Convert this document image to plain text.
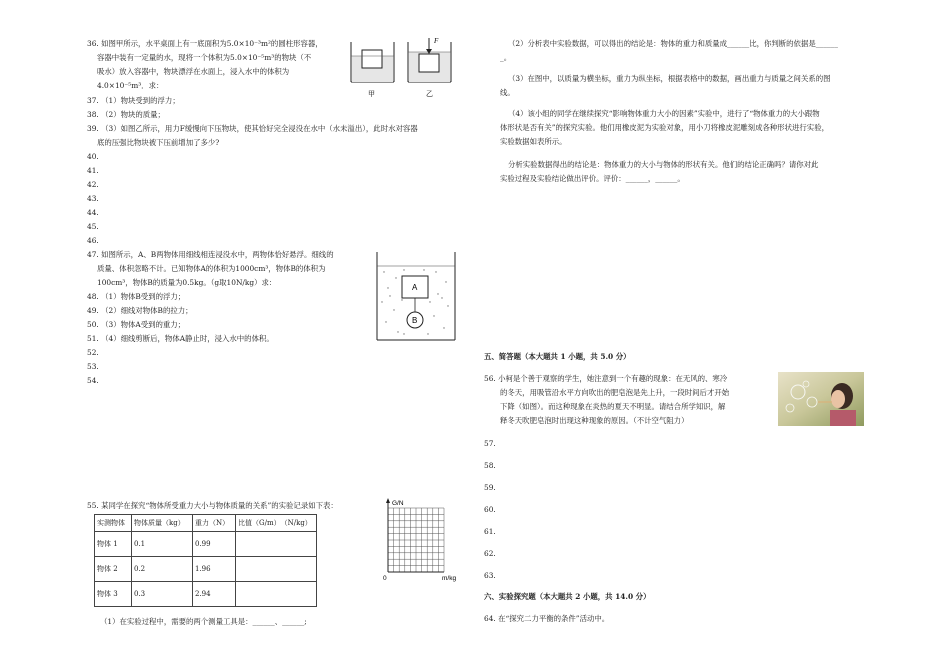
36. 如图甲所示，水平桌面上有一底面积为5.0×10⁻³m²的圆柱形容器，
容器中装有一定量的水，现将一个体积为5.0×10⁻⁵m³的物块（不
吸水）放入容器中，物块漂浮在水面上，浸入水中的体积为
4.0×10⁻⁵m³．求：
F
甲	乙
37. （1）物块受到的浮力；
38. （2）物块的质量；
39. （3）如图乙所示，用力F缓慢向下压物块，使其恰好完全浸没在水中（水未溢出），此时水对容器
底的压强比物块被下压前增加了多少?
40.
41.
42.
43.
44.
45.
46.
47. 如图所示，A、B两物体用细线相连浸没水中，两物体恰好悬浮。细线的
质量、体积忽略不计。已知物体A的体积为1000cm³，物体B的体积为
100cm³，物体B的质量为0.5kg。（g取10N/kg）求：
A
B
48. （1）物体B受到的浮力；
49. （2）细线对物体B的拉力；
50. （3）物体A受到的重力；
51. （4）细线剪断后，物体A静止时，浸入水中的体积。
52.
53.
54.
55. 某同学在探究“物体所受重力大小与物体质量的关系”的实验记录如下表：
实测物体	物体质量（kg）	重力（N）	比值（G/m）　（N/kg）
物体 1	0.1	0.99	
物体 2	0.2	1.96	
物体 3	0.3	2.94	
G/N
m/kg
0
（1）在实验过程中，需要的两个测量工具是：______、______;
（2）分析表中实验数据，可以得出的结论是：物体的重力和质量成______比，你判断的依据是______
_。
（3）在图中，以质量为横坐标，重力为纵坐标，根据表格中的数据，画出重力与质量之间关系的图
线。
（4）该小组的同学在继续探究“影响物体重力大小的因素”实验中，进行了“物体重力的大小跟物
体形状是否有关”的探究实验。他们用橡皮泥为实验对象，用小刀将橡皮泥雕刻成各种形状进行实验，
实验数据如表所示。
分析实验数据得出的结论是：物体重力的大小与物体的形状有关。他们的结论正确吗？请你对此
实验过程及实验结论做出评价。评价：______，______。
五、简答题（本大题共 1 小题，共 5.0 分）
56. 小柯是个善于观察的学生，她注意到一个有趣的现象：在无风的、寒冷
的冬天，用吸管沿水平方向吹出的肥皂泡是先上升，一段时间后才开始
下降（如图）。而这种现象在炎热的夏天不明显。请结合所学知识，解
释冬天吹肥皂泡时出现这种现象的原因。（不计空气阻力）
57.
58.
59.
60.
61.
62.
63.
六、实验探究题（本大题共 2 小题，共 14.0 分）
64. 在“探究二力平衡的条件”活动中。
